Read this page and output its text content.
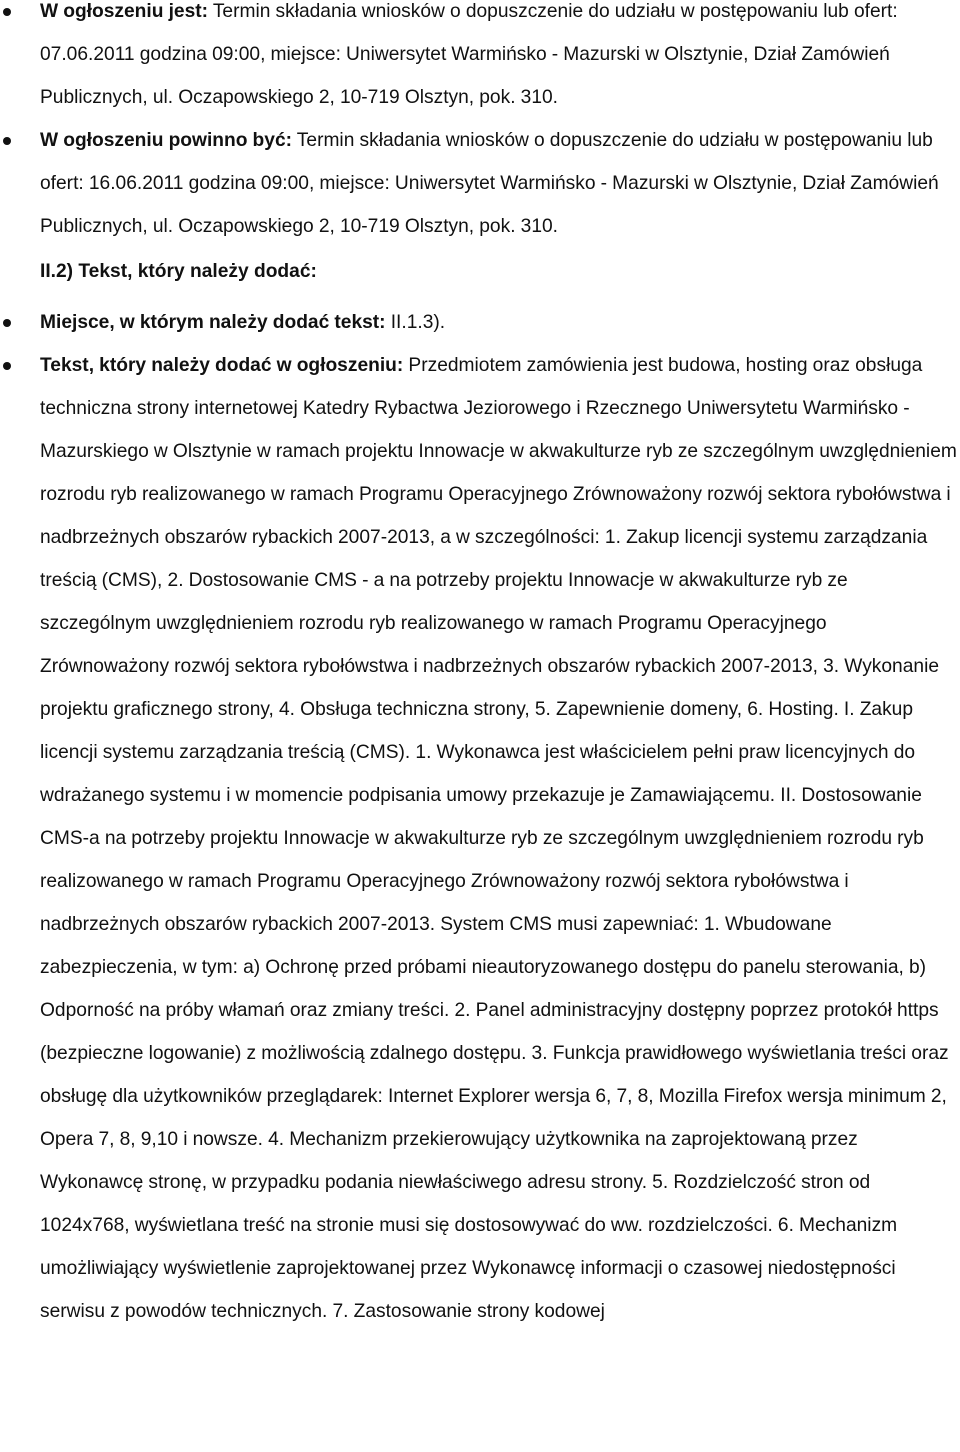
W ogłoszeniu jest: Termin składania wniosków o dopuszczenie do udziału w postępowaniu lub ofert: 07.06.2011 godzina 09:00, miejsce: Uniwersytet Warmińsko - Mazurski w Olsztynie, Dział Zamówień Publicznych, ul. Oczapowskiego 2, 10-719 Olsztyn, pok. 310.
W ogłoszeniu powinno być: Termin składania wniosków o dopuszczenie do udziału w postępowaniu lub ofert: 16.06.2011 godzina 09:00, miejsce: Uniwersytet Warmińsko - Mazurski w Olsztynie, Dział Zamówień Publicznych, ul. Oczapowskiego 2, 10-719 Olsztyn, pok. 310.
II.2) Tekst, który należy dodać:
Miejsce, w którym należy dodać tekst: II.1.3).
Tekst, który należy dodać w ogłoszeniu: Przedmiotem zamówienia jest budowa, hosting oraz obsługa techniczna strony internetowej Katedry Rybactwa Jeziorowego i Rzecznego Uniwersytetu Warmińsko - Mazurskiego w Olsztynie w ramach projektu Innowacje w akwakulturze ryb ze szczególnym uwzględnieniem rozrodu ryb realizowanego w ramach Programu Operacyjnego Zrównoważony rozwój sektora rybołówstwa i nadbrzeżnych obszarów rybackich 2007-2013, a w szczególności: 1. Zakup licencji systemu zarządzania treścią (CMS), 2. Dostosowanie CMS - a na potrzeby projektu Innowacje w akwakulturze ryb ze szczególnym uwzględnieniem rozrodu ryb realizowanego w ramach Programu Operacyjnego Zrównoważony rozwój sektora rybołówstwa i nadbrzeżnych obszarów rybackich 2007-2013, 3. Wykonanie projektu graficznego strony, 4. Obsługa techniczna strony, 5. Zapewnienie domeny, 6. Hosting. I. Zakup licencji systemu zarządzania treścią (CMS). 1. Wykonawca jest właścicielem pełni praw licencyjnych do wdrażanego systemu i w momencie podpisania umowy przekazuje je Zamawiającemu. II. Dostosowanie CMS-a na potrzeby projektu Innowacje w akwakulturze ryb ze szczególnym uwzględnieniem rozrodu ryb realizowanego w ramach Programu Operacyjnego Zrównoważony rozwój sektora rybołówstwa i nadbrzeżnych obszarów rybackich 2007-2013. System CMS musi zapewniać: 1. Wbudowane zabezpieczenia, w tym: a) Ochronę przed próbami nieautoryzowanego dostępu do panelu sterowania, b) Odporność na próby włamań oraz zmiany treści. 2. Panel administracyjny dostępny poprzez protokół https (bezpieczne logowanie) z możliwością zdalnego dostępu. 3. Funkcja prawidłowego wyświetlania treści oraz obsługę dla użytkowników przeglądarek: Internet Explorer wersja 6, 7, 8, Mozilla Firefox wersja minimum 2, Opera 7, 8, 9,10 i nowsze. 4. Mechanizm przekierowujący użytkownika na zaprojektowaną przez Wykonawcę stronę, w przypadku podania niewłaściwego adresu strony. 5. Rozdzielczość stron od 1024x768, wyświetlana treść na stronie musi się dostosowywać do ww. rozdzielczości. 6. Mechanizm umożliwiający wyświetlenie zaprojektowanej przez Wykonawcę informacji o czasowej niedostępności serwisu z powodów technicznych. 7. Zastosowanie strony kodowej
